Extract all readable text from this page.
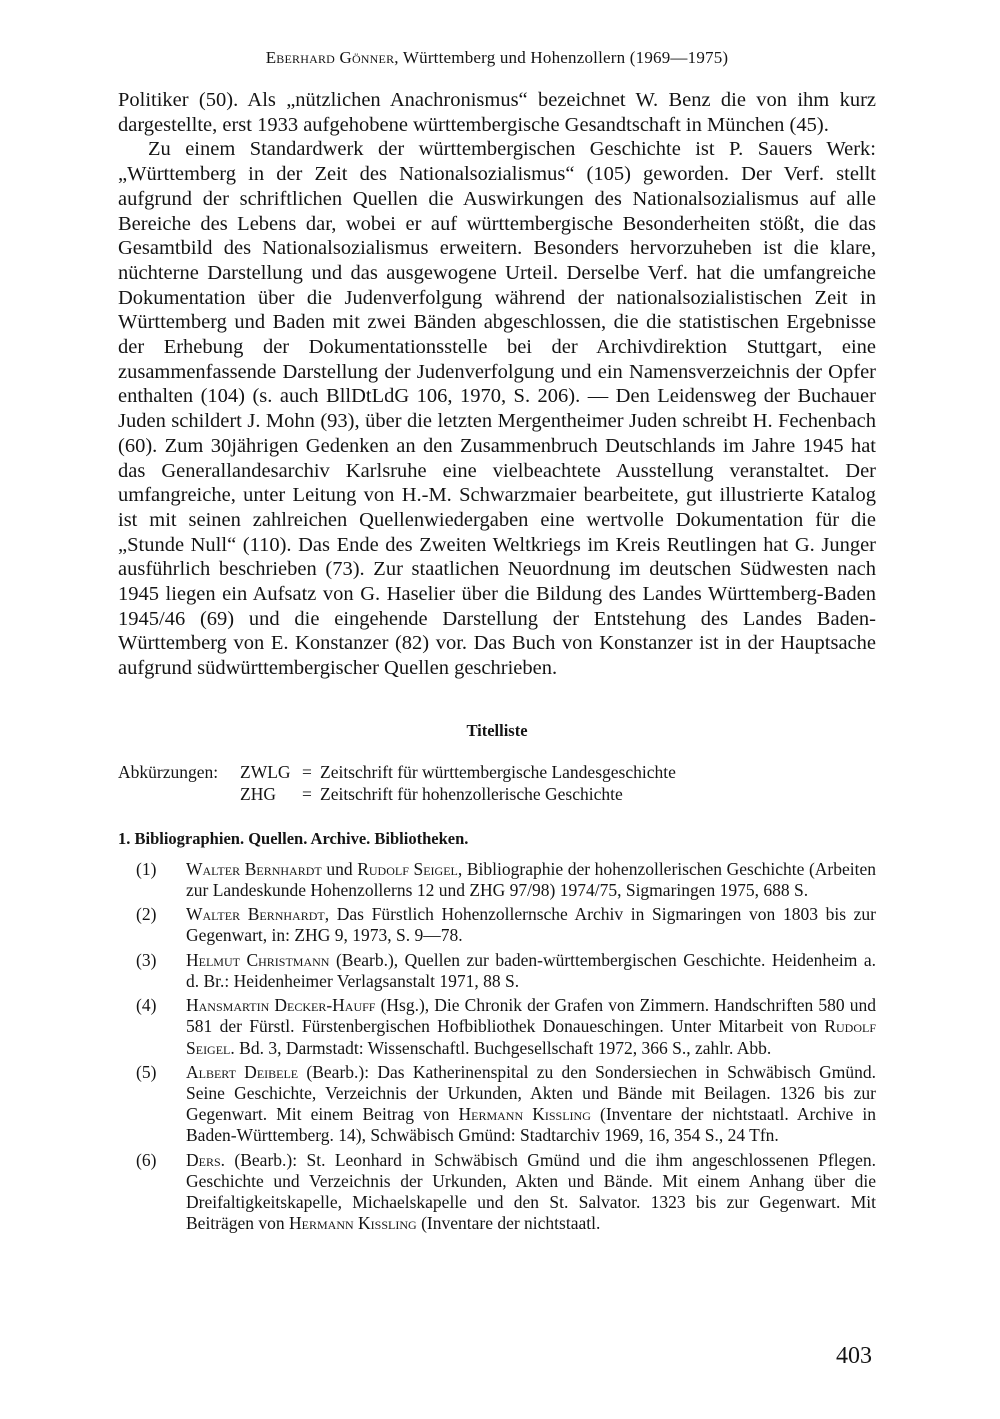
Eberhard Gönner, Württemberg und Hohenzollern (1969—1975)

Politiker (50). Als „nützlichen Anachronismus“ bezeichnet W. Benz die von ihm kurz dargestellte, erst 1933 aufgehobene württembergische Gesandtschaft in München (45).

Zu einem Standardwerk der württembergischen Geschichte ist P. Sauers Werk: „Württemberg in der Zeit des Nationalsozialismus“ (105) geworden. Der Verf. stellt aufgrund der schriftlichen Quellen die Auswirkungen des Nationalsozialismus auf alle Bereiche des Lebens dar, wobei er auf württembergische Besonderheiten stößt, die das Gesamtbild des Nationalsozialismus erweitern. Besonders hervorzuheben ist die klare, nüchterne Darstellung und das ausgewogene Urteil. Derselbe Verf. hat die umfangreiche Dokumentation über die Judenverfolgung während der nationalsozialistischen Zeit in Württemberg und Baden mit zwei Bänden abgeschlossen, die die statistischen Ergebnisse der Erhebung der Dokumentationsstelle bei der Archivdirektion Stuttgart, eine zusammenfassende Darstellung der Judenverfolgung und ein Namensverzeichnis der Opfer enthalten (104) (s. auch BllDtLdG 106, 1970, S. 206). — Den Leidensweg der Buchauer Juden schildert J. Mohn (93), über die letzten Mergentheimer Juden schreibt H. Fechenbach (60). Zum 30jährigen Gedenken an den Zusammenbruch Deutschlands im Jahre 1945 hat das Generallandesarchiv Karlsruhe eine vielbeachtete Ausstellung veranstaltet. Der umfangreiche, unter Leitung von H.-M. Schwarzmaier bearbeitete, gut illustrierte Katalog ist mit seinen zahlreichen Quellenwiedergaben eine wertvolle Dokumentation für die „Stunde Null“ (110). Das Ende des Zweiten Weltkriegs im Kreis Reutlingen hat G. Junger ausführlich beschrieben (73). Zur staatlichen Neuordnung im deutschen Südwesten nach 1945 liegen ein Aufsatz von G. Haselier über die Bildung des Landes Württemberg-Baden 1945/46 (69) und die eingehende Darstellung der Entstehung des Landes Baden-Württemberg von E. Konstanzer (82) vor. Das Buch von Konstanzer ist in der Hauptsache aufgrund südwürttembergischer Quellen geschrieben.

Titelliste
Abkürzungen:	ZWLG = Zeitschrift für württembergische Landesgeschichte
ZHG	= Zeitschrift für hohenzollerische Geschichte
1. Bibliographien. Quellen. Archive. Bibliotheken.
(1)	Walter Bernhardt und Rudolf Seigel, Bibliographie der hohenzollerischen Geschichte (Arbeiten zur Landeskunde Hohenzollerns 12 und ZHG 97/98) 1974/75, Sigmaringen 1975, 688 S.
(2)	Walter Bernhardt, Das Fürstlich Hohenzollernsche Archiv in Sigmaringen von 1803 bis zur Gegenwart, in: ZHG 9, 1973, S. 9—78.
(3)	Helmut Christmann (Bearb.), Quellen zur baden-württembergischen Geschichte. Heidenheim a. d. Br.: Heidenheimer Verlagsanstalt 1971, 88 S.
(4)	Hansmartin Decker-Hauff (Hsg.), Die Chronik der Grafen von Zimmern. Handschriften 580 und 581 der Fürstl. Fürstenbergischen Hofbibliothek Donaueschingen. Unter Mitarbeit von Rudolf Seigel. Bd. 3, Darmstadt: Wissenschaftl. Buchgesellschaft 1972, 366 S., zahlr. Abb.
(5)	Albert Deibele (Bearb.): Das Katherinenspital zu den Sondersiechen in Schwäbisch Gmünd. Seine Geschichte, Verzeichnis der Urkunden, Akten und Bände mit Beilagen. 1326 bis zur Gegenwart. Mit einem Beitrag von Hermann Kissling (Inventare der nichtstaatl. Archive in Baden-Württemberg. 14), Schwäbisch Gmünd: Stadtarchiv 1969, 16, 354 S., 24 Tfn.
(6)	Ders. (Bearb.): St. Leonhard in Schwäbisch Gmünd und die ihm angeschlossenen Pflegen. Geschichte und Verzeichnis der Urkunden, Akten und Bände. Mit einem Anhang über die Dreifaltigkeitskapelle, Michaelskapelle und den St. Salvator. 1323 bis zur Gegenwart. Mit Beiträgen von Hermann Kissling (Inventare der nichtstaatl.
403
